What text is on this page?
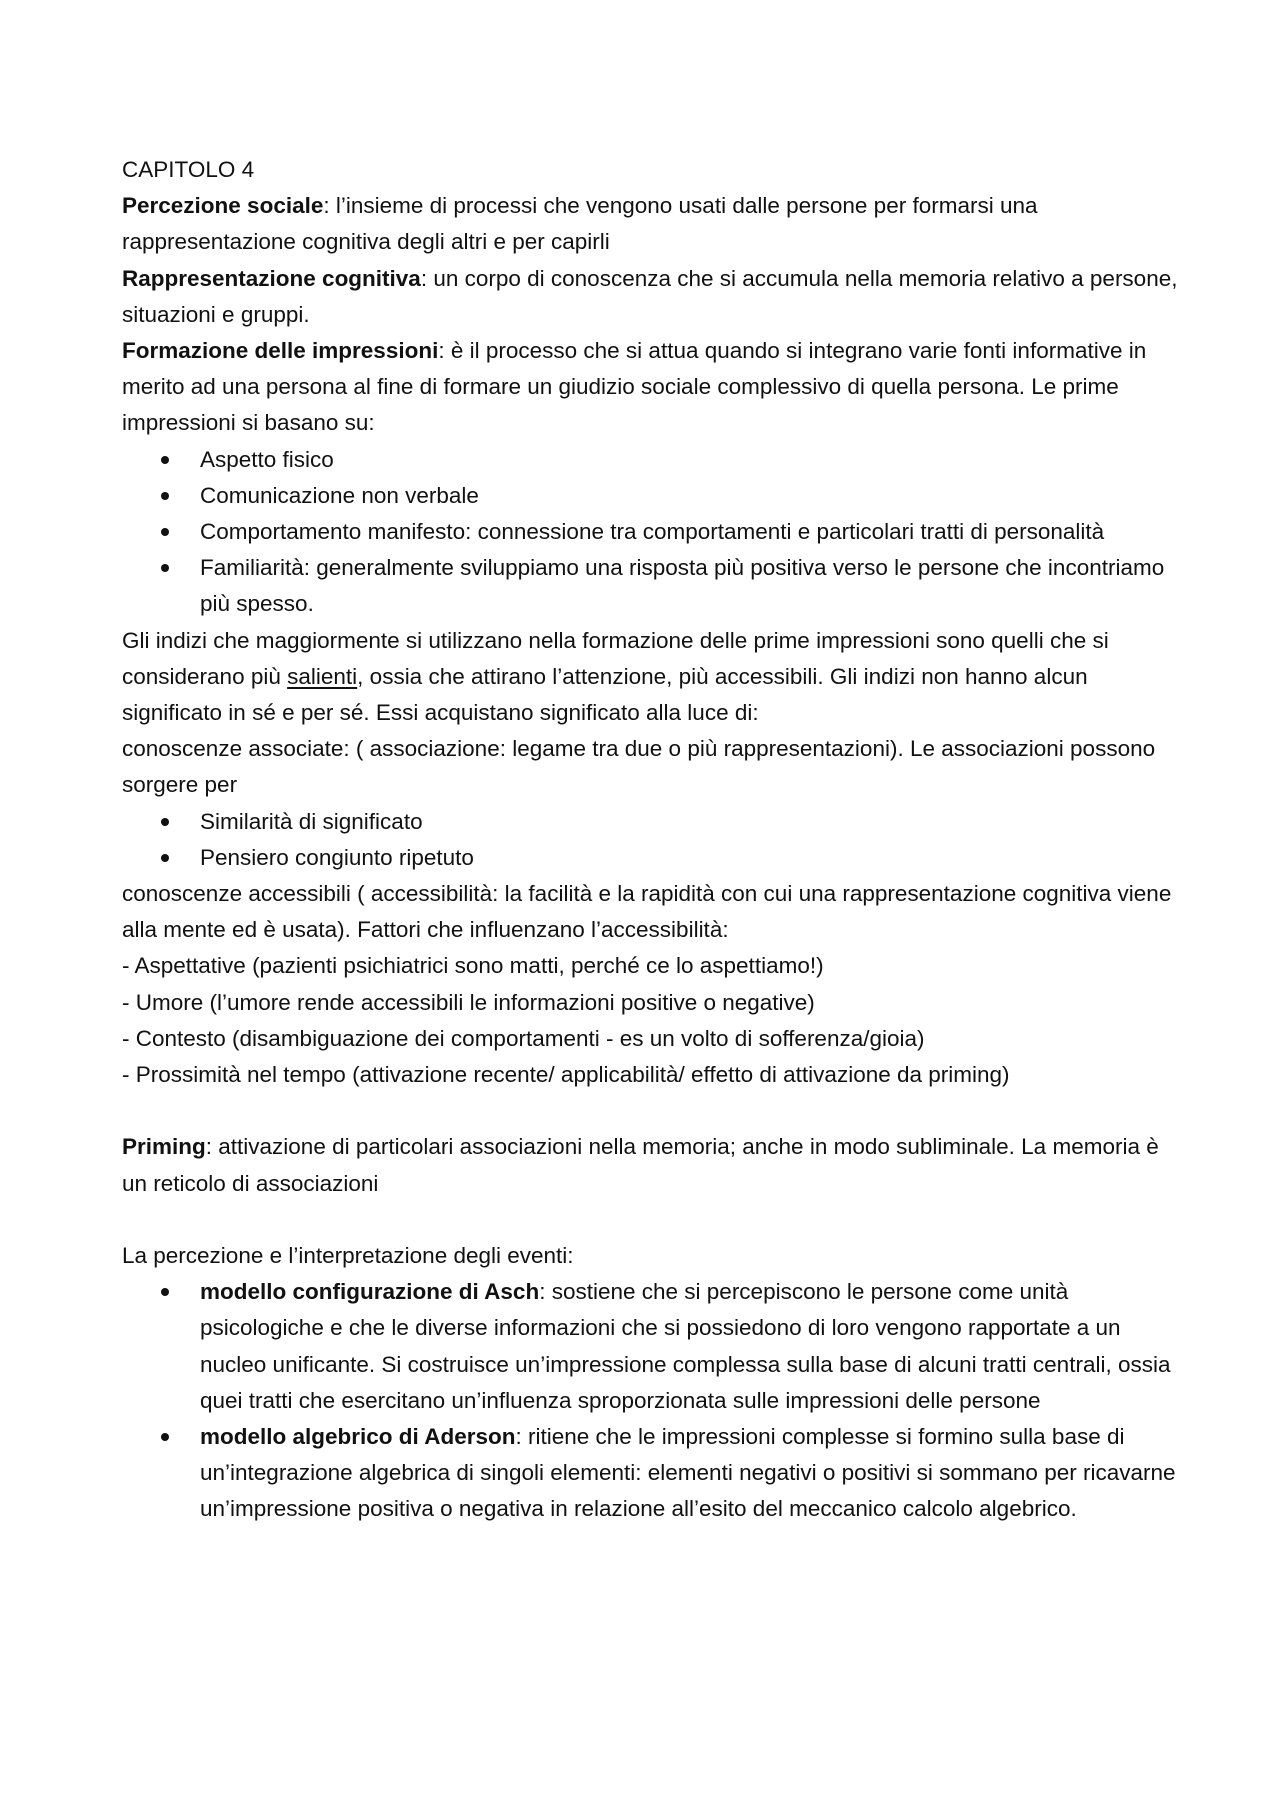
CAPITOLO 4

Percezione sociale: l’insieme di processi che vengono usati dalle persone per formarsi una rappresentazione cognitiva degli altri e per capirli

Rappresentazione cognitiva: un corpo di conoscenza che si accumula nella memoria relativo a persone, situazioni e gruppi.

Formazione delle impressioni: è il processo che si attua quando si integrano varie fonti informative in merito ad una persona al fine di formare un giudizio sociale complessivo di quella persona. Le prime impressioni si basano su:

Aspetto fisico
Comunicazione non verbale
Comportamento manifesto: connessione tra comportamenti e particolari tratti di personalità
Familiarità: generalmente sviluppiamo una risposta più positiva verso le persone che incontriamo più spesso.

Gli indizi che maggiormente si utilizzano nella formazione delle prime impressioni sono quelli che si considerano più salienti, ossia che attirano l’attenzione, più accessibili. Gli indizi non hanno alcun significato in sé e per sé. Essi acquistano significato alla luce di:

conoscenze associate: ( associazione: legame tra due o più rappresentazioni). Le associazioni possono sorgere per

Similarità di significato
Pensiero congiunto ripetuto

conoscenze accessibili ( accessibilità: la facilità e la rapidità con cui una rappresentazione cognitiva viene alla mente ed è usata). Fattori che influenzano l’accessibilità:

- Aspettative (pazienti psichiatrici sono matti, perché ce lo aspettiamo!)

- Umore (l’umore rende accessibili le informazioni positive o negative)

- Contesto (disambiguazione dei comportamenti - es un volto di sofferenza/gioia)

- Prossimità nel tempo (attivazione recente/ applicabilità/ effetto di attivazione da priming)

Priming: attivazione di particolari associazioni nella memoria; anche in modo subliminale. La memoria è un reticolo di associazioni

La percezione e l’interpretazione degli eventi:

modello configurazione di Asch: sostiene che si percepiscono le persone come unità psicologiche e che le diverse informazioni che si possiedono di loro vengono rapportate a un nucleo unificante. Si costruisce un’impressione complessa sulla base di alcuni tratti centrali, ossia quei tratti che esercitano un’influenza sproporzionata sulle impressioni delle persone
modello algebrico di Aderson: ritiene che le impressioni complesse si formino sulla base di un’integrazione algebrica di singoli elementi: elementi negativi o positivi si sommano per ricavarne un’impressione positiva o negativa in relazione all’esito del meccanico calcolo algebrico.
